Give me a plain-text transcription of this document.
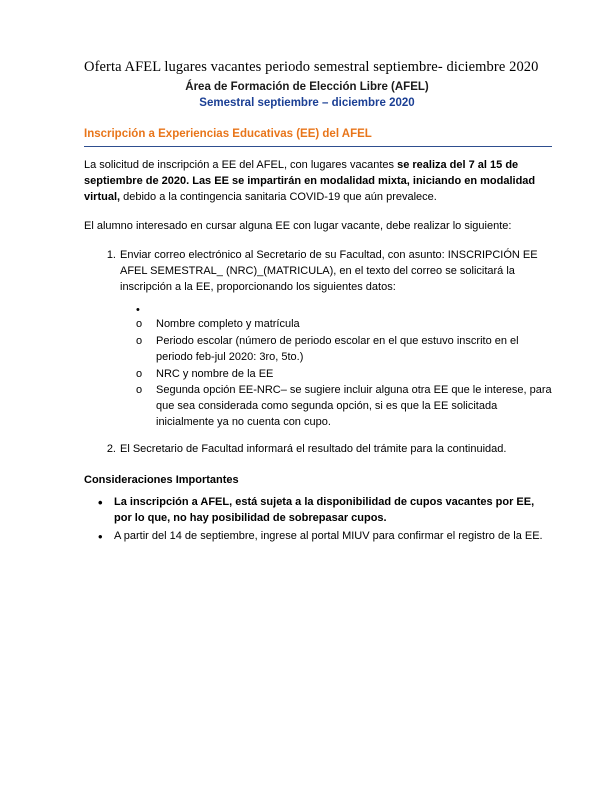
Oferta AFEL lugares vacantes periodo semestral septiembre- diciembre 2020
Área de Formación de Elección Libre (AFEL)
Semestral septiembre – diciembre 2020
Inscripción a Experiencias Educativas (EE) del AFEL

La solicitud de inscripción a EE del AFEL, con lugares vacantes se realiza del 7 al 15 de septiembre de 2020. Las EE se impartirán en modalidad mixta, iniciando en modalidad virtual, debido a la contingencia sanitaria COVID-19 que aún prevalece.

El alumno interesado en cursar alguna EE con lugar vacante, debe realizar lo siguiente:

1. Enviar correo electrónico al Secretario de su Facultad, con asunto: INSCRIPCIÓN EE AFEL SEMESTRAL_ (NRC)_(MATRICULA), en el texto del correo se solicitará la inscripción a la EE, proporcionando los siguientes datos:
•
o Nombre completo y matrícula
o Periodo escolar (número de periodo escolar en el que estuvo inscrito en el periodo feb-jul 2020: 3ro, 5to.)
o NRC y nombre de la EE
o Segunda opción EE-NRC– se sugiere incluir alguna otra EE que le interese, para que sea considerada como segunda opción, si es que la EE solicitada inicialmente ya no cuenta con cupo.
2. El Secretario de Facultad informará el resultado del trámite para la continuidad.
Consideraciones Importantes
• La inscripción a AFEL, está sujeta a la disponibilidad de cupos vacantes por EE, por lo que, no hay posibilidad de sobrepasar cupos.
• A partir del 14 de septiembre, ingrese al portal MIUV para confirmar el registro de la EE.
